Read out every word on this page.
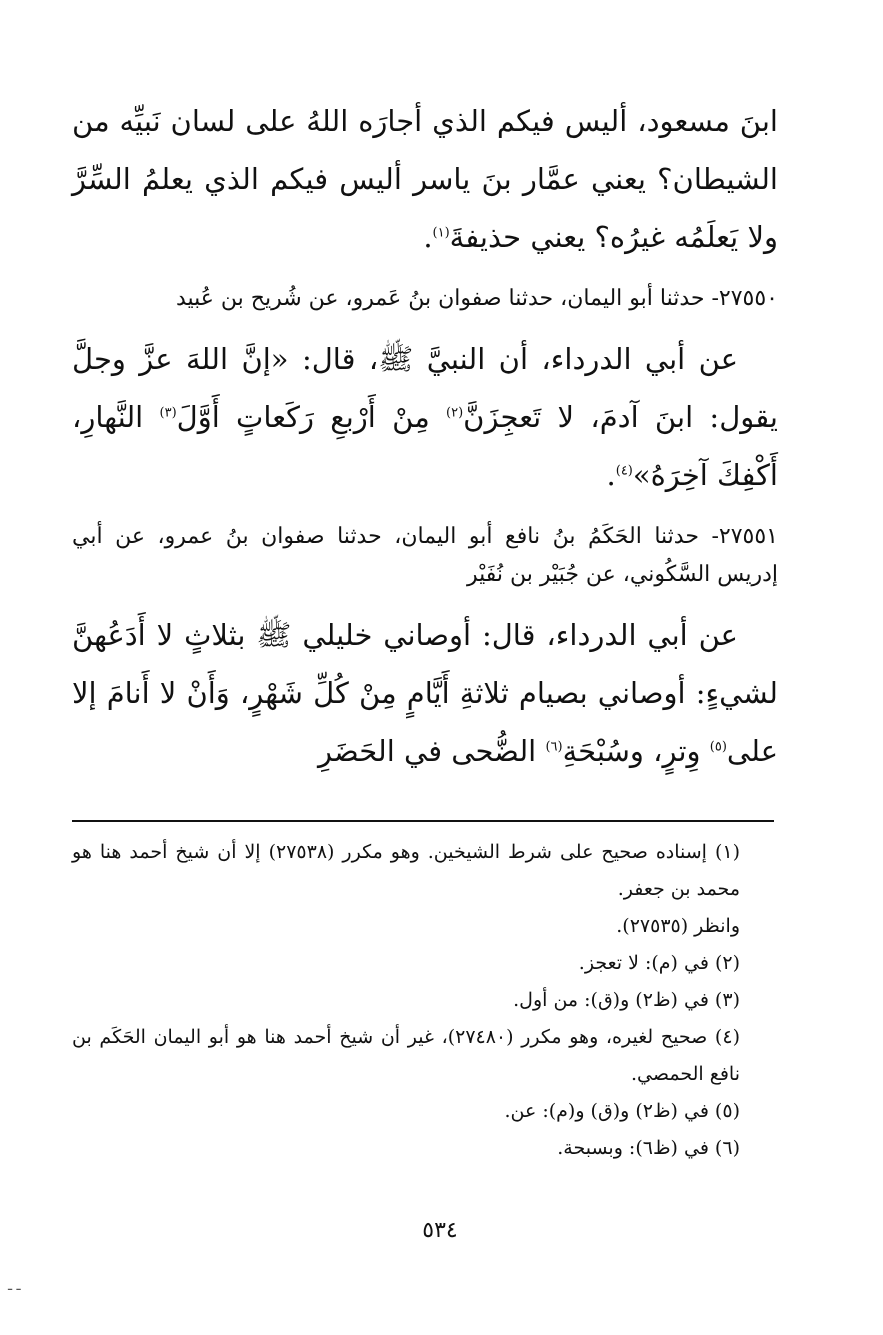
ابنَ مسعود، أليس فيكم الذي أجارَه اللهُ على لسان نَبيِّه من الشيطان؟ يعني عمَّار بنَ ياسر أليس فيكم الذي يعلمُ السِّرَّ ولا يَعلَمُه غيرُه؟ يعني حذيفةَ$^{(١)}$.

٢٧٥٥٠- حدثنا أبو اليمان، حدثنا صفوان بنُ عَمرو، عن شُريح بن عُبيد

عن أبي الدرداء، أن النبيَّ ﷺ، قال: «إنَّ اللهَ عزَّ وجلَّ يقول: ابنَ آدمَ، لا تَعجِزَنَّ$^{(٢)}$ مِنْ أَرْبعِ رَكَعاتٍ أَوَّلَ$^{(٣)}$ النَّهارِ، أَكْفِكَ آخِرَهُ»$^{(٤)}$.

٢٧٥٥١- حدثنا الحَكَمُ بنُ نافع أبو اليمان، حدثنا صفوان بنُ عمرو، عن أبي إدريس السَّكُوني، عن جُبَيْر بن نُفَيْر

عن أبي الدرداء، قال: أوصاني خليلي ﷺ بثلاثٍ لا أَدَعُهنَّ لشيءٍ: أوصاني بصيام ثلاثةِ أَيَّامٍ مِنْ كُلِّ شَهْرٍ، وَأَنْ لا أَنامَ إلا على$^{(٥)}$ وِترٍ، وسُبْحَةِ$^{(٦)}$ الضُّحى في الحَضَرِ

(١) إسناده صحيح على شرط الشيخين. وهو مكرر (٢٧٥٣٨) إلا أن شيخ أحمد هنا هو محمد بن جعفر.

وانظر (٢٧٥٣٥).

(٢) في (م): لا تعجز.

(٣) في (ظ٢) و(ق): من أول.

(٤) صحيح لغيره، وهو مكرر (٢٧٤٨٠)، غير أن شيخ أحمد هنا هو أبو اليمان الحَكَم بن نافع الحمصي.

(٥) في (ظ٢) و(ق) و(م): عن.

(٦) في (ظ٦): وبسبحة.

٥٣٤
ـ ـ
